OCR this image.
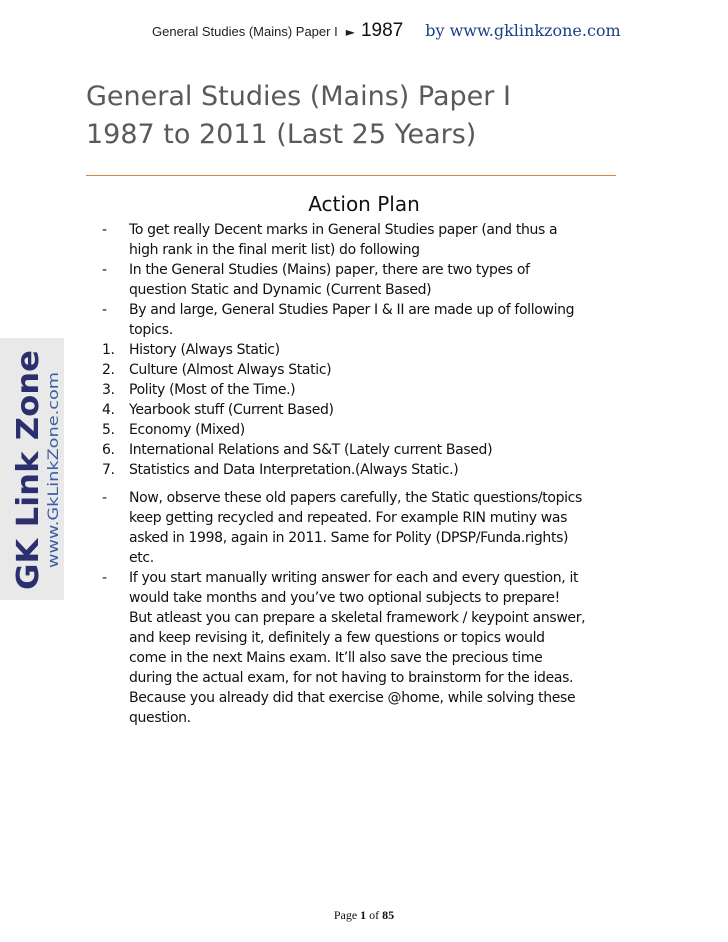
General Studies (Mains) Paper I ► 1987 by www.gklinkzone.com
General Studies (Mains) Paper I
1987 to 2011 (Last 25 Years)
Action Plan
-	To get really Decent marks in General Studies paper (and thus a
high rank in the final merit list) do following
-	In the General Studies (Mains) paper, there are two types of
question Static and Dynamic (Current Based)
-	By and large, General Studies Paper I & II are made up of following
topics.
1.	History (Always Static)
2.	Culture (Almost Always Static)
3.	Polity (Most of the Time.)
4.	Yearbook stuff (Current Based)
5.	Economy (Mixed)
6.	International Relations and S&T (Lately current Based)
7.	Statistics and Data Interpretation.(Always Static.)
-	Now, observe these old papers carefully, the Static questions/topics
keep getting recycled and repeated. For example RIN mutiny was
asked in 1998, again in 2011. Same for Polity (DPSP/Funda.rights)
etc.
-	If you start manually writing answer for each and every question, it
would take months and you’ve two optional subjects to prepare!
But atleast you can prepare a skeletal framework / keypoint answer,
and keep revising it, definitely a few questions or topics would
come in the next Mains exam. It’ll also save the precious time
during the actual exam, for not having to brainstorm for the ideas.
Because you already did that exercise @home, while solving these
question.
GK Link Zone www.GkLinkZone.com
Page 1 of 85
